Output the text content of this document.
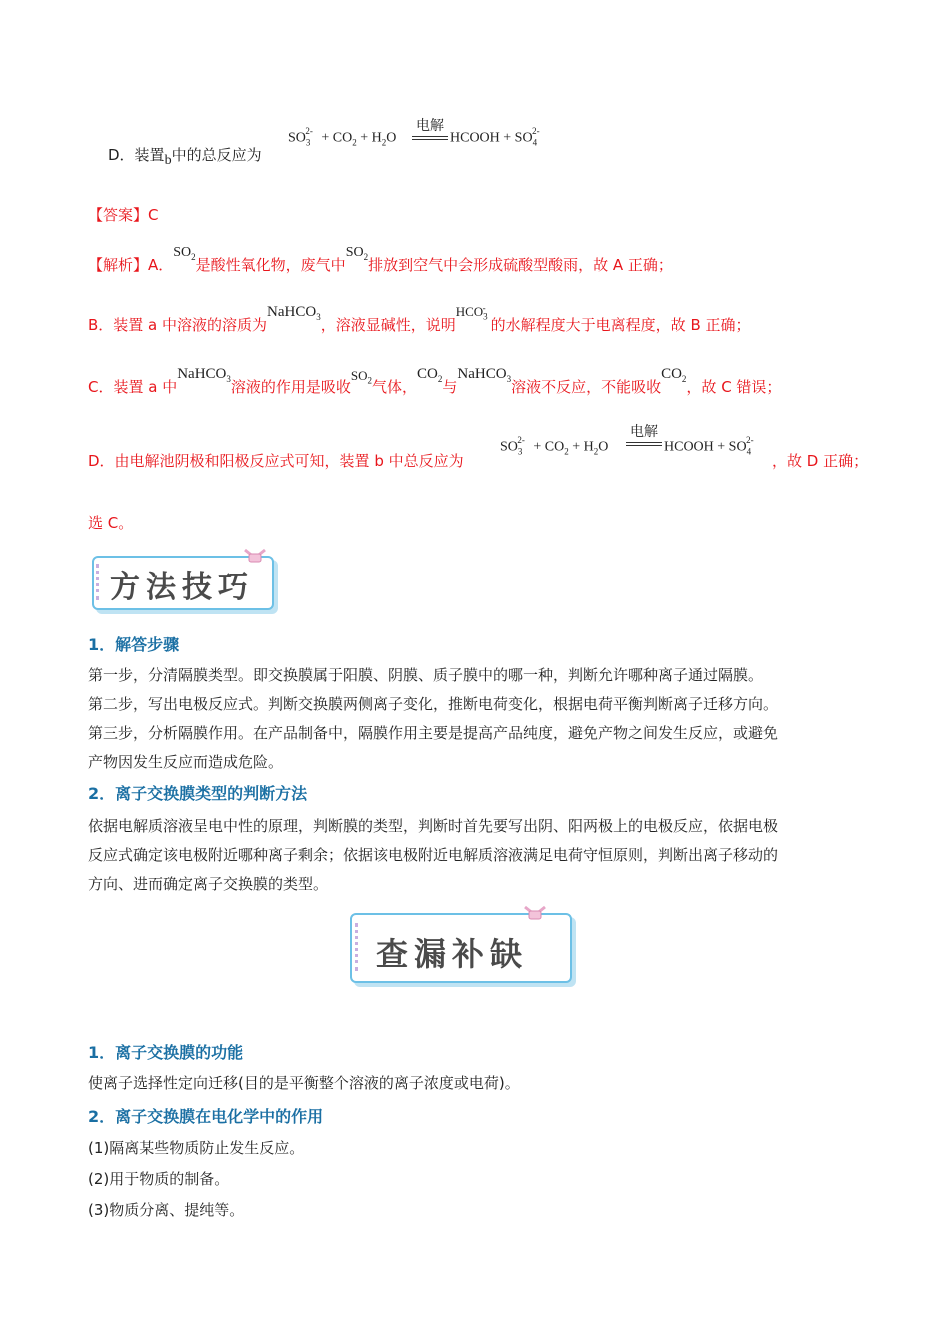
D．装置b中的总反应为
$SO_3^{2-} + CO_2 + H_2O$
电解
HCOOH + $SO_4^{2-}$
【答案】C
【解析】A．$SO_2$是酸性氧化物，废气中$SO_2$排放到空气中会形成硫酸型酸雨，故 A 正确；
B．装置 a 中溶液的溶质为NaHCO$_3$，溶液显碱性，说明$HCO_3^-$的水解程度大于电离程度，故 B 正确；
C．装置 a 中NaHCO$_3$溶液的作用是吸收$SO_2$气体，$CO_2$与NaHCO$_3$溶液不反应，不能吸收$CO_2$，故 C 错误；
D．由电解池阴极和阳极反应式可知，装置 b 中总反应为
$SO_3^{2-} + CO_2 + H_2O$
电解
HCOOH + $SO_4^{2-}$
，故 D 正确；
选 C。
方法技巧
1．解答步骤
第一步，分清隔膜类型。即交换膜属于阳膜、阴膜、质子膜中的哪一种，判断允许哪种离子通过隔膜。
第二步，写出电极反应式。判断交换膜两侧离子变化，推断电荷变化，根据电荷平衡判断离子迁移方向。
第三步，分析隔膜作用。在产品制备中，隔膜作用主要是提高产品纯度，避免产物之间发生反应，或避免
产物因发生反应而造成危险。
2．离子交换膜类型的判断方法
依据电解质溶液呈电中性的原理，判断膜的类型，判断时首先要写出阴、阳两极上的电极反应，依据电极
反应式确定该电极附近哪种离子剩余；依据该电极附近电解质溶液满足电荷守恒原则，判断出离子移动的
方向、进而确定离子交换膜的类型。
查漏补缺
1．离子交换膜的功能
使离子选择性定向迁移(目的是平衡整个溶液的离子浓度或电荷)。
2．离子交换膜在电化学中的作用
(1)隔离某些物质防止发生反应。
(2)用于物质的制备。
(3)物质分离、提纯等。
